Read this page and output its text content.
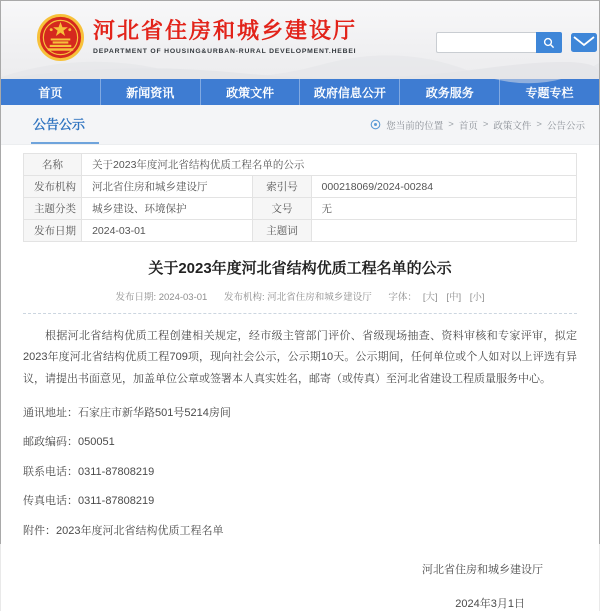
河北省住房和城乡建设厅
DEPARTMENT OF HOUSING&URBAN-RURAL DEVELOPMENT.HEBEI
首页	新闻资讯	政策文件	政府信息公开	政务服务	专题专栏
公告公示	您当前的位置 > 首页 > 政策文件 > 公告公示
名称	关于2023年度河北省结构优质工程名单的公示		
发布机构	河北省住房和城乡建设厅	索引号	000218069/2024-00284
主题分类	城乡建设、环境保护	文号	无
发布日期	2024-03-01	主题词	
关于2023年度河北省结构优质工程名单的公示
发布日期: 2024-03-01 发布机构: 河北省住房和城乡建设厅 字体： [大] [中] [小]

根据河北省结构优质工程创建相关规定，经市级主管部门评价、省级现场抽查、资料审核和专家评审，拟定2023年度河北省结构优质工程709项，现向社会公示，公示期10天。公示期间，任何单位或个人如对以上评选有异议，请提出书面意见，加盖单位公章或签署本人真实姓名，邮寄（或传真）至河北省建设工程质量服务中心。

通讯地址：石家庄市新华路501号5214房间

邮政编码：050051

联系电话：0311-87808219

传真电话：0311-87808219

附件：2023年度河北省结构优质工程名单

河北省住房和城乡建设厅
2024年3月1日
